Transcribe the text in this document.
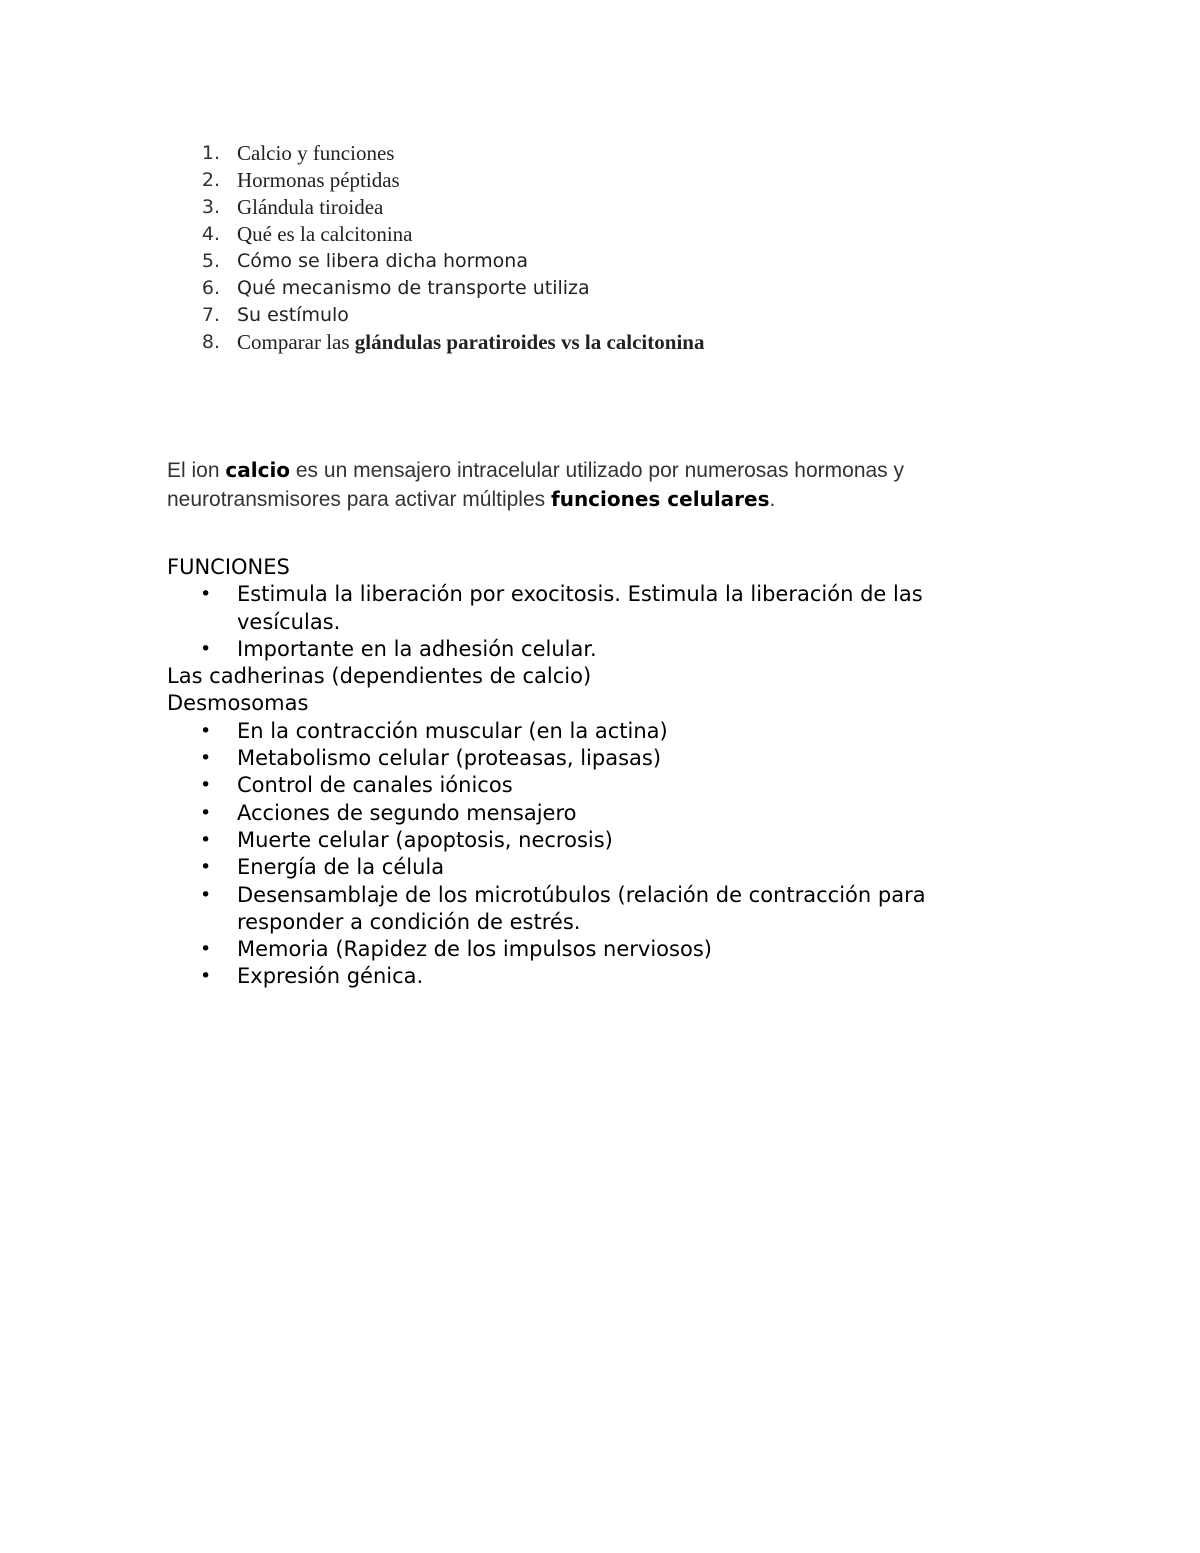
1. Calcio y funciones
2. Hormonas péptidas
3. Glándula tiroidea
4. Qué es la calcitonina
5. Cómo se libera dicha hormona
6. Qué mecanismo de transporte utiliza
7. Su estímulo
8. Comparar las glándulas paratiroides vs la calcitonina

El ion calcio es un mensajero intracelular utilizado por numerosas hormonas y neurotransmisores para activar múltiples funciones celulares.

FUNCIONES

• Estimula la liberación por exocitosis. Estimula la liberación de las vesículas.
• Importante en la adhesión celular.

Las cadherinas (dependientes de calcio)

Desmosomas

• En la contracción muscular (en la actina)
• Metabolismo celular (proteasas, lipasas)
• Control de canales iónicos
• Acciones de segundo mensajero
• Muerte celular (apoptosis, necrosis)
• Energía de la célula
• Desensamblaje de los microtúbulos (relación de contracción para responder a condición de estrés.
• Memoria (Rapidez de los impulsos nerviosos)
• Expresión génica.
